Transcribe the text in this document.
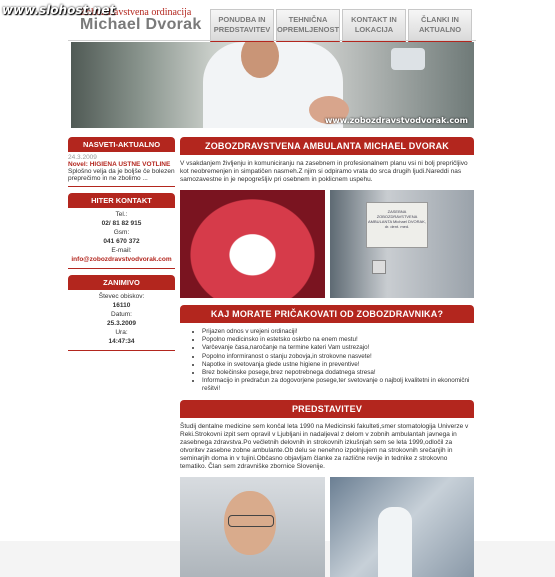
www.slohost.net
Zobozdravstvena ordinacija
Michael Dvorak	PONUDBA IN PREDSTAVITEV
TEHNIČNA OPREMLJENOST
KONTAKT IN LOKACIJA
ČLANKI IN AKTUALNO
www.zobozdravstvodvorak.com
NASVETI-AKTUALNO
24.3.2009
Novel: HIGIENA USTNE VOTLINE
Splošno velja da je boljše če bolezen preprečimo in ne zbolimo ...
HITER KONTAKT
Tel.:
02/ 81 82 915
Gsm:
041 670 372
E-mail:
info@zobozdravstvodvorak.com
ZANIMIVO
Števec obiskov:
16110
Datum:
25.3.2009
Ura:
14:47:34
ZOBOZDRAVSTVENA AMBULANTA MICHAEL DVORAK
V vsakdanjem življenju in komuniciranju na zasebnem in profesionalnem planu vsi ni bolj prepričljivo kot neobremenjen in simpatičen nasmeh.Z njim si odpiramo vrata do srca drugih ljudi.Nareddi nas samozavestne in je nepogrešljiv pri osebnem in poklicnem uspehu.
ZASEBNA ZOBOZDRAVSTVENA AMBULANTA Michael DVORAK, dr. dent. med.
KAJ MORATE PRIČAKOVATI OD ZOBOZDRAVNIKA?
• Prijazen odnos v urejeni ordinaciji!
• Popolno medicinsko in estetsko oskrbo na enem mestu!
• Varčevanje časa,naročanje na termine kateri Vam ustrezajo!
• Popolno informiranost o stanju zobovja,in strokovne nasvete!
• Napotke in svetovanja glede ustne higiene in preventive!
• Brez bolečinske posege,brez nepotrebnega dodatnega stresa!
• Informacijo in predračun za dogovorjene posege,ter svetovanje o najbolj kvalitetni in ekonomični rešitvi!
PREDSTAVITEV
Študij dentalne medicine sem končal leta 1990 na Medicinski fakulteti,smer stomatologija Univerze v Reki.Strokovni izpit sem opravil v Ljubljani in nadaljeval z delom v zobnih ambulantah javnega in zasebnega zdravstva.Po večletnih delovnih in strokovnih izkušnjah sem se leta 1999,odločil za otvoritev zasebne zobne ambulante.Ob delu se nenehno izpolnjujem na strokovnih srečanjih in seminarjih doma in v tujini.Občasno objavljam članke za različne revije in tednike z strokovno tematiko. Član sem zdravniške zbornice Slovenije.
